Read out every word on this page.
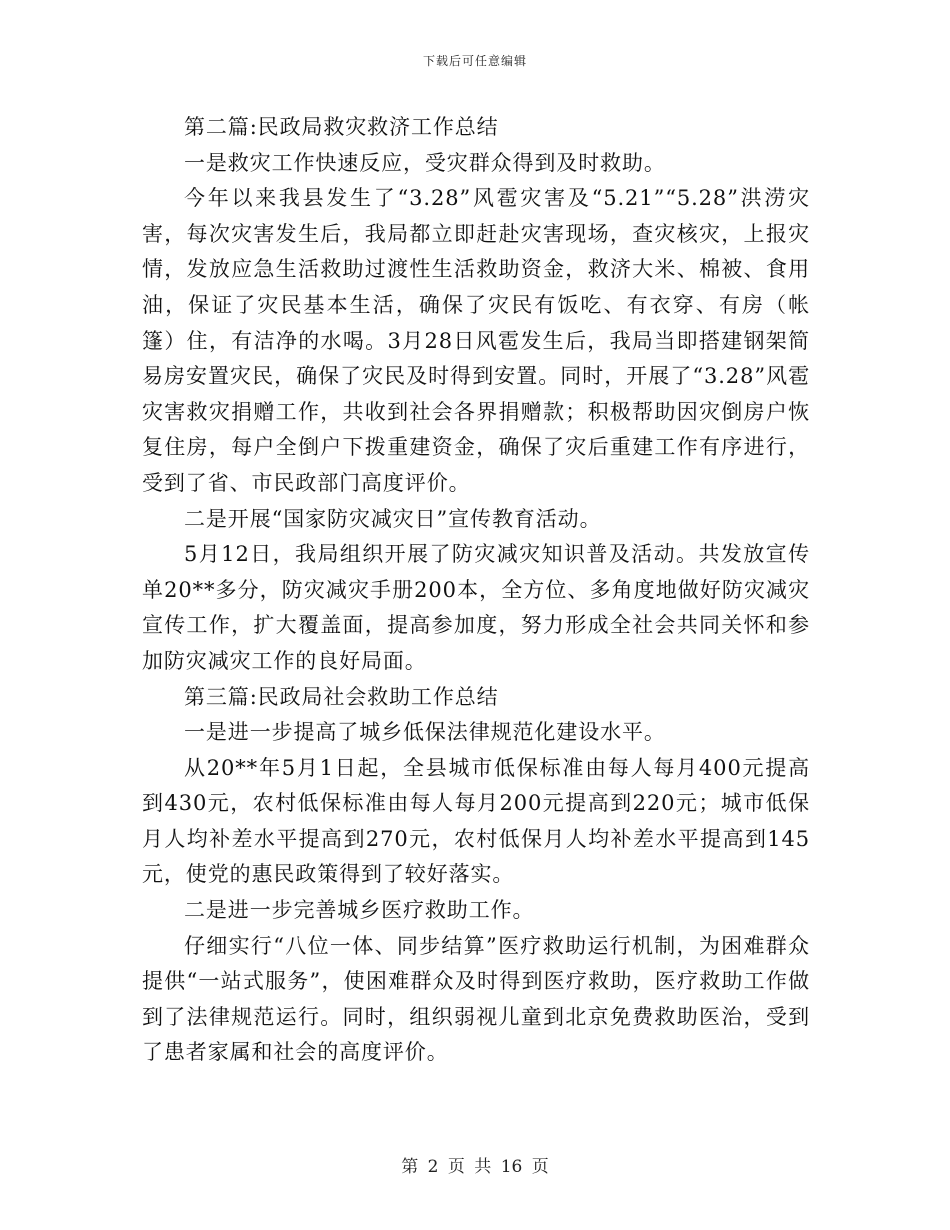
下载后可任意编辑

第二篇:民政局救灾救济工作总结

一是救灾工作快速反应，受灾群众得到及时救助。

今年以来我县发生了“3.28”风雹灾害及“5.21”“5.28”洪涝灾害，每次灾害发生后，我局都立即赶赴灾害现场，查灾核灾，上报灾情，发放应急生活救助过渡性生活救助资金，救济大米、棉被、食用油，保证了灾民基本生活，确保了灾民有饭吃、有衣穿、有房（帐篷）住，有洁净的水喝。3月28日风雹发生后，我局当即搭建钢架简易房安置灾民，确保了灾民及时得到安置。同时，开展了“3.28”风雹灾害救灾捐赠工作，共收到社会各界捐赠款；积极帮助因灾倒房户恢复住房，每户全倒户下拨重建资金，确保了灾后重建工作有序进行，受到了省、市民政部门高度评价。

二是开展“国家防灾减灾日”宣传教育活动。

5月12日，我局组织开展了防灾减灾知识普及活动。共发放宣传单20**多分，防灾减灾手册200本，全方位、多角度地做好防灾减灾宣传工作，扩大覆盖面，提高参加度，努力形成全社会共同关怀和参加防灾减灾工作的良好局面。

第三篇:民政局社会救助工作总结

一是进一步提高了城乡低保法律规范化建设水平。

从20**年5月1日起，全县城市低保标准由每人每月400元提高到430元，农村低保标准由每人每月200元提高到220元；城市低保月人均补差水平提高到270元，农村低保月人均补差水平提高到145元，使党的惠民政策得到了较好落实。

二是进一步完善城乡医疗救助工作。

仔细实行“八位一体、同步结算”医疗救助运行机制，为困难群众提供“一站式服务”，使困难群众及时得到医疗救助，医疗救助工作做到了法律规范运行。同时，组织弱视儿童到北京免费救助医治，受到了患者家属和社会的高度评价。

第 2 页 共 16 页
